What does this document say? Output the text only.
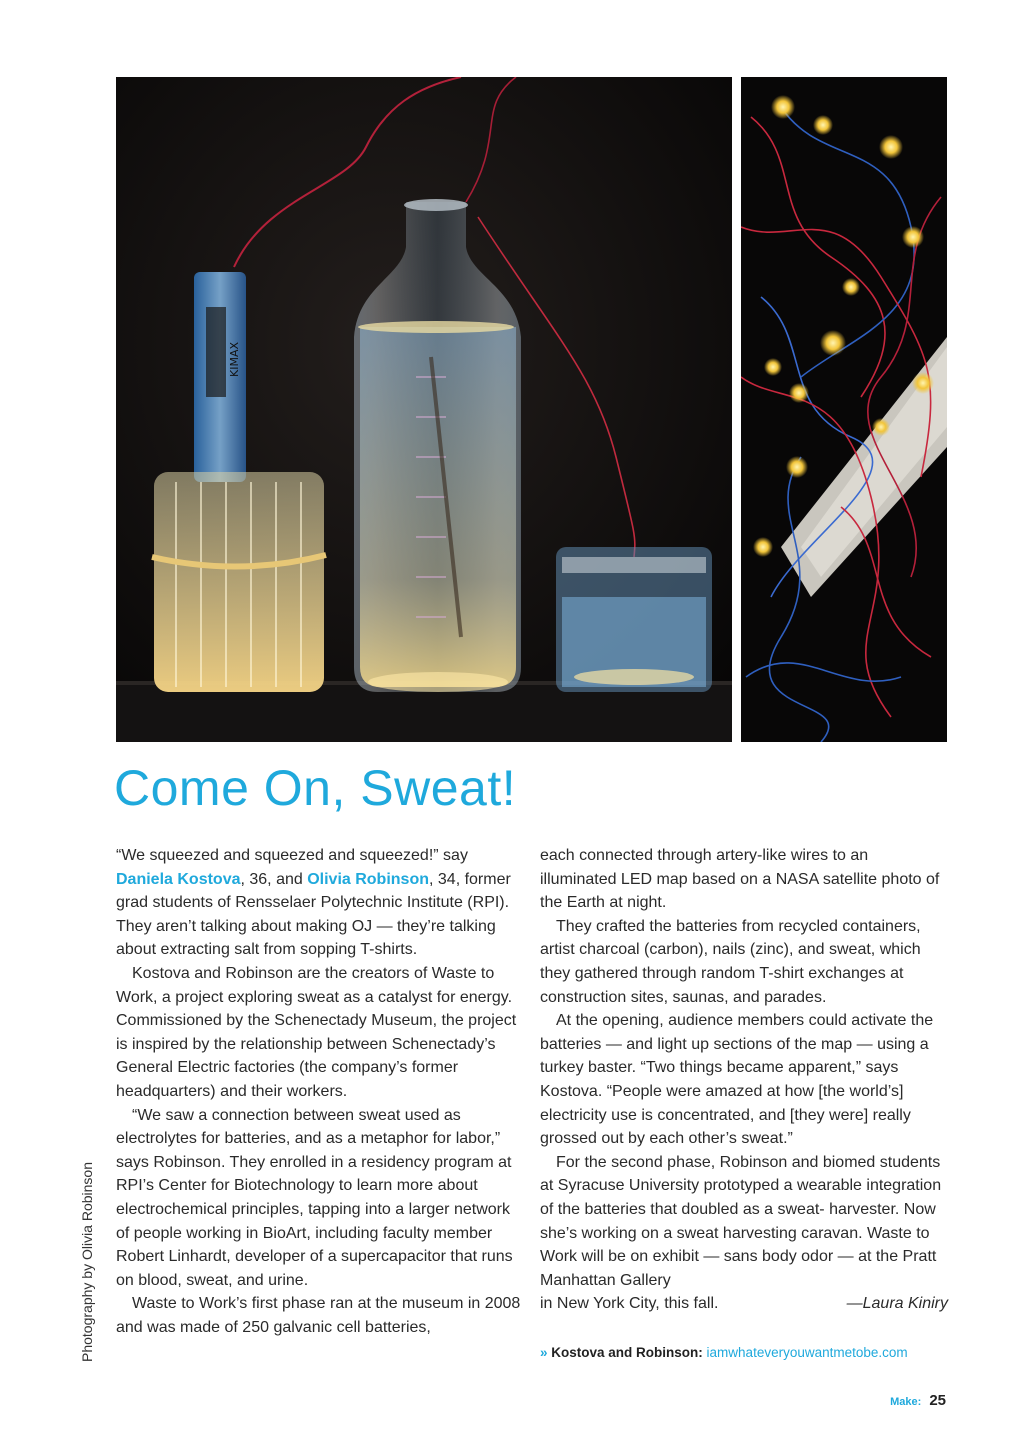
KIMAX
Photography by Olivia Robinson
Come On, Sweat!

“We squeezed and squeezed and squeezed!” say Daniela Kostova, 36, and Olivia Robinson, 34, former grad students of Rensselaer Polytechnic Institute (RPI). They aren’t talking about making OJ — they’re talking about extracting salt from sopping T-shirts.

Kostova and Robinson are the creators of Waste to Work, a project exploring sweat as a catalyst for energy. Commissioned by the Schenectady Museum, the project is inspired by the relationship between Schenectady’s General Electric factories (the company’s former headquarters) and their workers.

“We saw a connection between sweat used as electrolytes for batteries, and as a metaphor for labor,” says Robinson. They enrolled in a residency program at RPI’s Center for Biotechnology to learn more about electrochemical principles, tapping into a larger network of people working in BioArt, including faculty member Robert Linhardt, developer of a supercapacitor that runs on blood, sweat, and urine.

Waste to Work’s first phase ran at the museum in 2008 and was made of 250 galvanic cell batteries,

each connected through artery-like wires to an illuminated LED map based on a NASA satellite photo of the Earth at night.

They crafted the batteries from recycled containers, artist charcoal (carbon), nails (zinc), and sweat, which they gathered through random T-shirt exchanges at construction sites, saunas, and parades.

At the opening, audience members could activate the batteries — and light up sections of the map — using a turkey baster. “Two things became apparent,” says Kostova. “People were amazed at how [the world’s] electricity use is concentrated, and [they were] really grossed out by each other’s sweat.”

For the second phase, Robinson and biomed students at Syracuse University prototyped a wearable integration of the batteries that doubled as a sweat- harvester. Now she’s working on a sweat harvesting caravan. Waste to Work will be on exhibit — sans body odor — at the Pratt Manhattan Gallery

in New York City, this fall.	—Laura Kiniry
» Kostova and Robinson: iamwhateveryouwantmetobe.com
Make: 25
